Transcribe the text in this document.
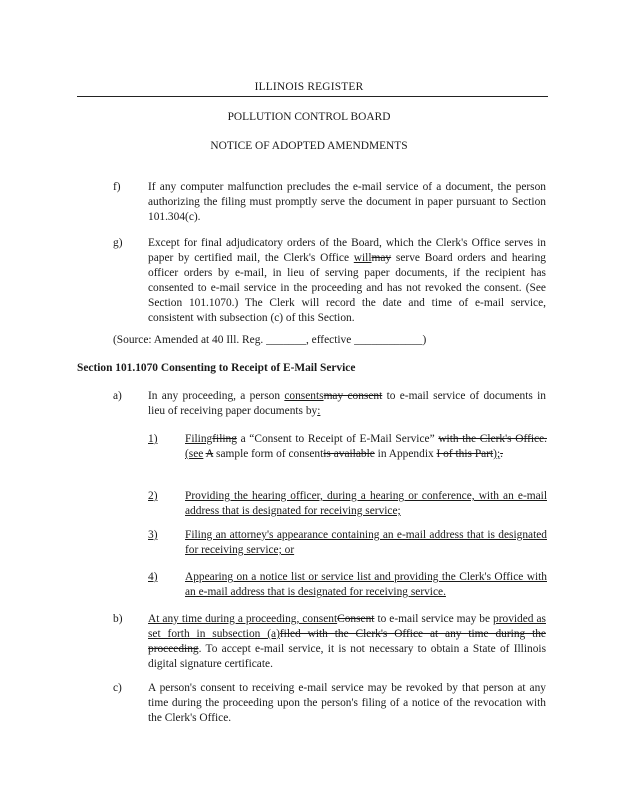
ILLINOIS REGISTER
POLLUTION CONTROL BOARD
NOTICE OF ADOPTED AMENDMENTS
f) If any computer malfunction precludes the e-mail service of a document, the person authorizing the filing must promptly serve the document in paper pursuant to Section 101.304(c).
g) Except for final adjudicatory orders of the Board, which the Clerk's Office serves in paper by certified mail, the Clerk's Office willmay serve Board orders and hearing officer orders by e-mail, in lieu of serving paper documents, if the recipient has consented to e-mail service in the proceeding and has not revoked the consent. (See Section 101.1070.) The Clerk will record the date and time of e-mail service, consistent with subsection (c) of this Section.
(Source: Amended at 40 Ill. Reg. _______, effective ____________)
Section 101.1070 Consenting to Receipt of E-Mail Service
a) In any proceeding, a person consentsmay consent to e-mail service of documents in lieu of receiving paper documents by:
1) Filingfiling a “Consent to Receipt of E-Mail Service” with the Clerk's Office. (see A sample form of consentis available in Appendix I of this Part);.
2) Providing the hearing officer, during a hearing or conference, with an e-mail address that is designated for receiving service;
3) Filing an attorney's appearance containing an e-mail address that is designated for receiving service; or
4) Appearing on a notice list or service list and providing the Clerk's Office with an e-mail address that is designated for receiving service.
b) At any time during a proceeding, consentConsent to e-mail service may be provided as set forth in subsection (a)filed with the Clerk's Office at any time during the proceeding. To accept e-mail service, it is not necessary to obtain a State of Illinois digital signature certificate.
c) A person's consent to receiving e-mail service may be revoked by that person at any time during the proceeding upon the person's filing of a notice of the revocation with the Clerk's Office.
